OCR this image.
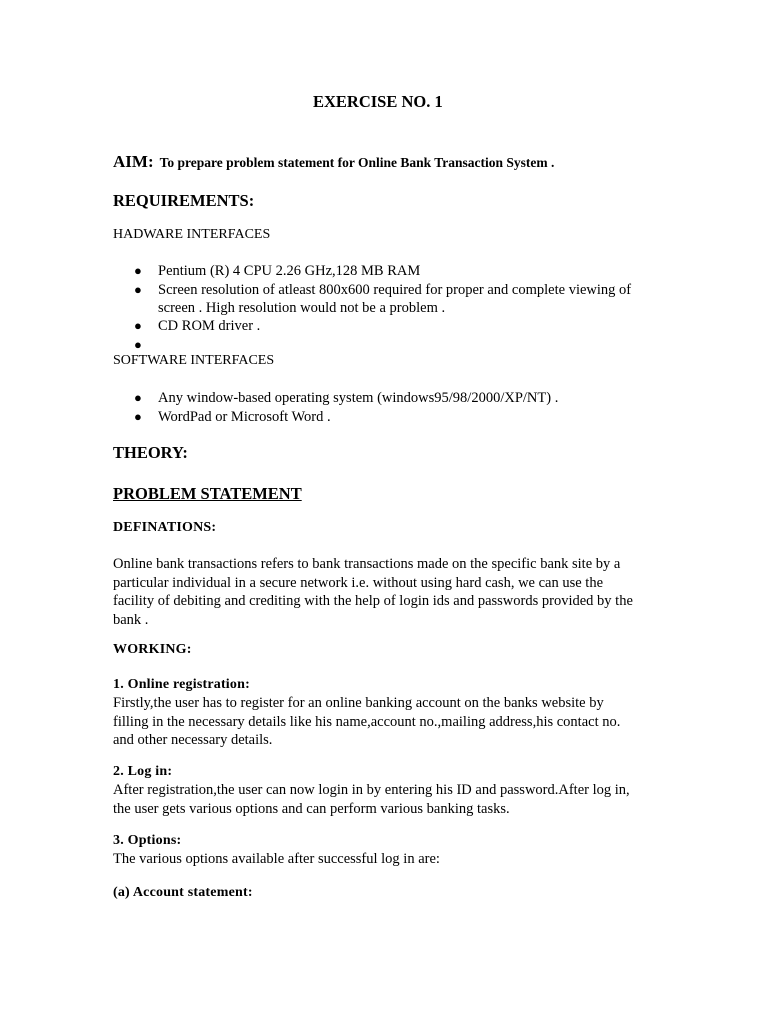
EXERCISE NO. 1
AIM: To prepare problem statement for Online Bank Transaction System .
REQUIREMENTS:
HADWARE INTERFACES
● Pentium (R) 4 CPU 2.26 GHz,128 MB RAM
● Screen resolution of atleast 800x600 required for proper and complete viewing of
screen . High resolution would not be a problem .
● CD ROM driver .
●
SOFTWARE INTERFACES
● Any window-based operating system (windows95/98/2000/XP/NT) .
● WordPad or Microsoft Word .
THEORY:
PROBLEM STATEMENT
DEFINATIONS:
Online bank transactions refers to bank transactions made on the specific bank site by a
particular individual in a secure network i.e. without using hard cash, we can use the
facility of debiting and crediting with the help of login ids and passwords provided by the
bank .
WORKING:
1. Online registration:
Firstly,the user has to register for an online banking account on the banks website by
filling in the necessary details like his name,account no.,mailing address,his contact no.
and other necessary details.
2. Log in:
After registration,the user can now login in by entering his ID and password.After log in,
the user gets various options and can perform various banking tasks.
3. Options:
The various options available after successful log in are:
(a) Account statement:
